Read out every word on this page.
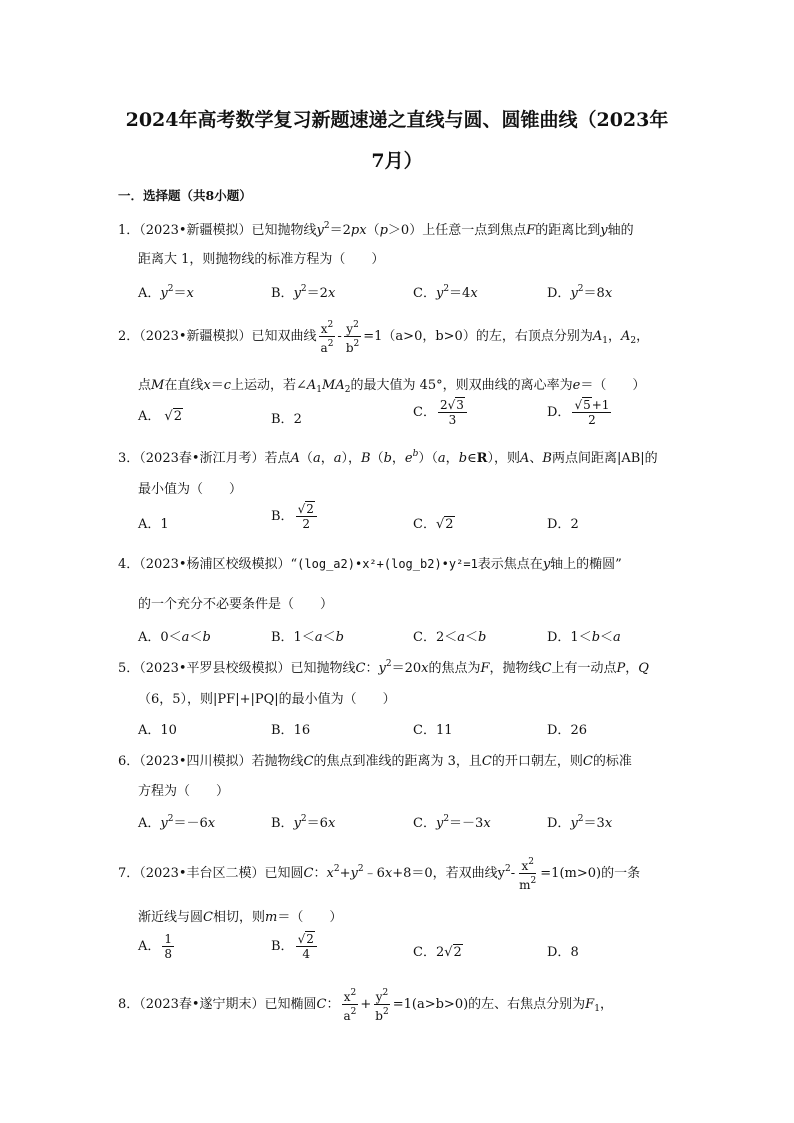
2024年高考数学复习新题速递之直线与圆、圆锥曲线（2023年
7月）
一．选择题（共8小题）
1．（2023•新疆模拟）已知抛物线$y^2=2px(p>0)$上任意一点到焦点F的距离比到y轴的
距离大 1，则抛物线的标准方程为（　　）
A．$y^2=x$	B．$y^2=2x$	C．$y^2=4x$	D．$y^2=8x$
2．（2023•新疆模拟）已知双曲线 $\frac{x^2}{a^2} - \frac{y^2}{b^2} =1(a>0$，b>0）的左，右顶点分别为$A_1$，$A_2$，
点M在直线x＝c上运动，若$\angle A_1MA_2$的最大值为 45°，则双曲线的离心率为e＝（　　）
A． √2	B．2	C． $\frac{2√3}{3}$	D． $\frac{√5+1}{2}$
3．（2023春•浙江月考）若点A（a，a），B（b，$e^b)(a$，b∈R），则A、B两点间距离|AB|的
最小值为（　　）
A．1
B． $\frac{√2}{2}$	C．√2	D．2
4．（2023•杨浦区校级模拟）“(log_a2)•x²+(log_b2)•y²=1表示焦点在y轴上的椭圆”
的一个充分不必要条件是（　　）
A．0＜a＜b	B．1＜a＜b	C．2＜a＜b	D．1＜b＜a
5．（2023•平罗县校级模拟）已知抛物线C：$y^2=20x$的焦点为F，抛物线C上有一动点P，Q
（6，5），则|PF|+|PQ|的最小值为（　　）
A．10	B．16	C．11	D．26
6．（2023•四川模拟）若抛物线C的焦点到准线的距离为 3，且C的开口朝左，则C的标准
方程为（　　）
A．$y^2=-6x$	B．$y^2=6x$	C．$y^2=-3x$	D．$y^2=3x$
7．（2023•丰台区二模）已知圆C：$x^2+y^2﹣6x+8=0$，若双曲线$y^2- \frac{x^2}{m^2} =1(m>0)$的一条
渐近线与圆C相切，则m＝（　　）
A． $\frac{1}{8}$	B． $\frac{√2}{4}$	C．2√2	D．8
8．（2023春•遂宁期末）已知椭圆C： $\frac{x^2}{a^2} + \frac{y^2}{b^2} =1(a>b>0)$的左、右焦点分别为$F_1$，
